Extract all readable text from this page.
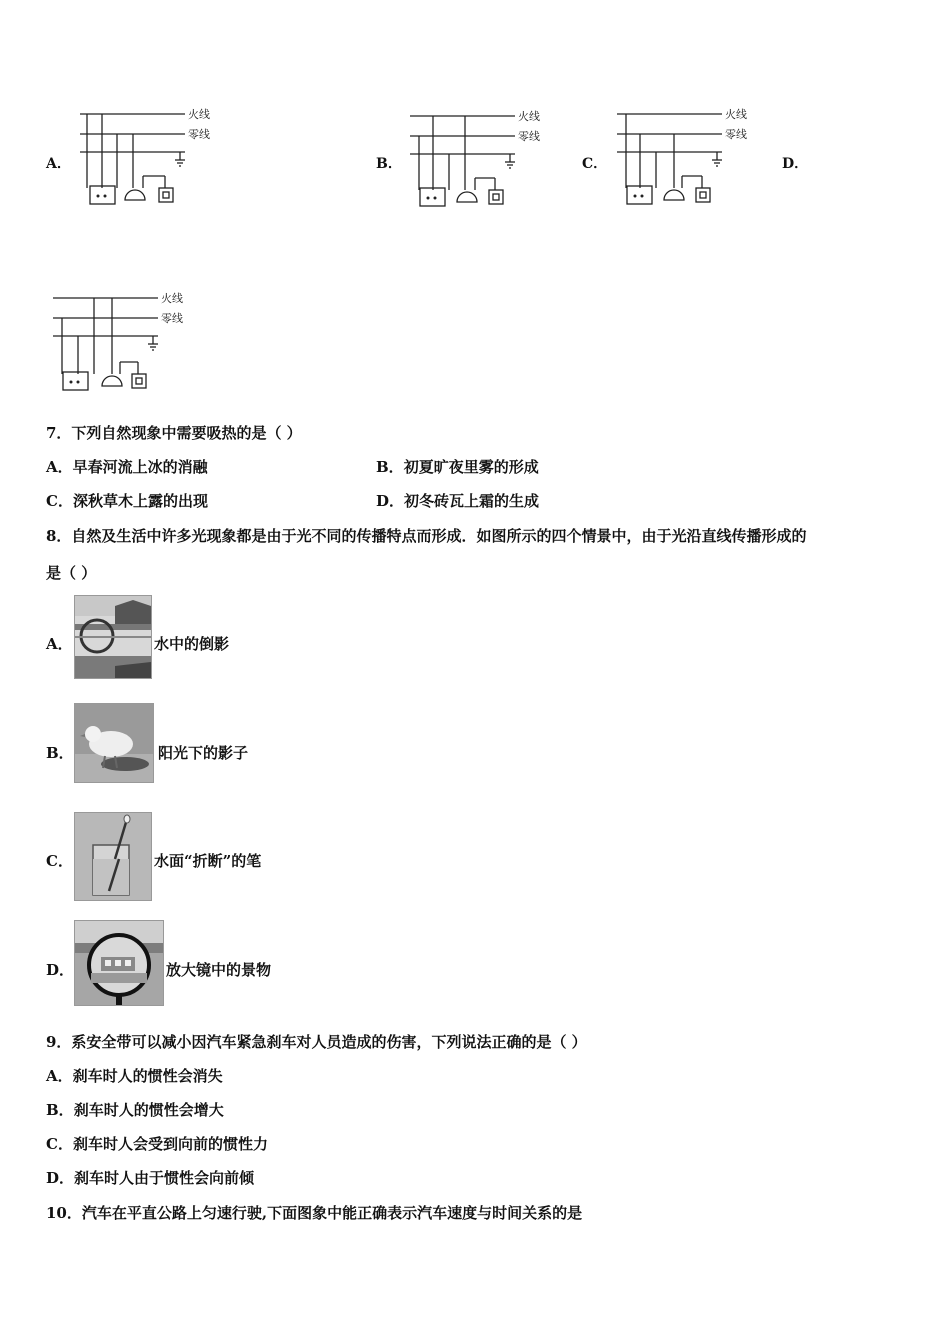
A．
火线
零线
B．
火线
零线
C．
火线
零线
D．
火线
零线
7．下列自然现象中需要吸热的是（ ）
A．早春河流上冰的消融	B．初夏旷夜里雾的形成
C．深秋草木上露的出现	D．初冬砖瓦上霜的生成
8．自然及生活中许多光现象都是由于光不同的传播特点而形成．如图所示的四个情景中，由于光沿直线传播形成的
是（ ）
A．	水中的倒影
B．	阳光下的影子
C．	水面“折断”的笔
D．	放大镜中的景物
9．系安全带可以减小因汽车紧急刹车对人员造成的伤害，下列说法正确的是（ ）
A．刹车时人的惯性会消失
B．刹车时人的惯性会增大
C．刹车时人会受到向前的惯性力
D．刹车时人由于惯性会向前倾
10．汽车在平直公路上匀速行驶,下面图象中能正确表示汽车速度与时间关系的是
